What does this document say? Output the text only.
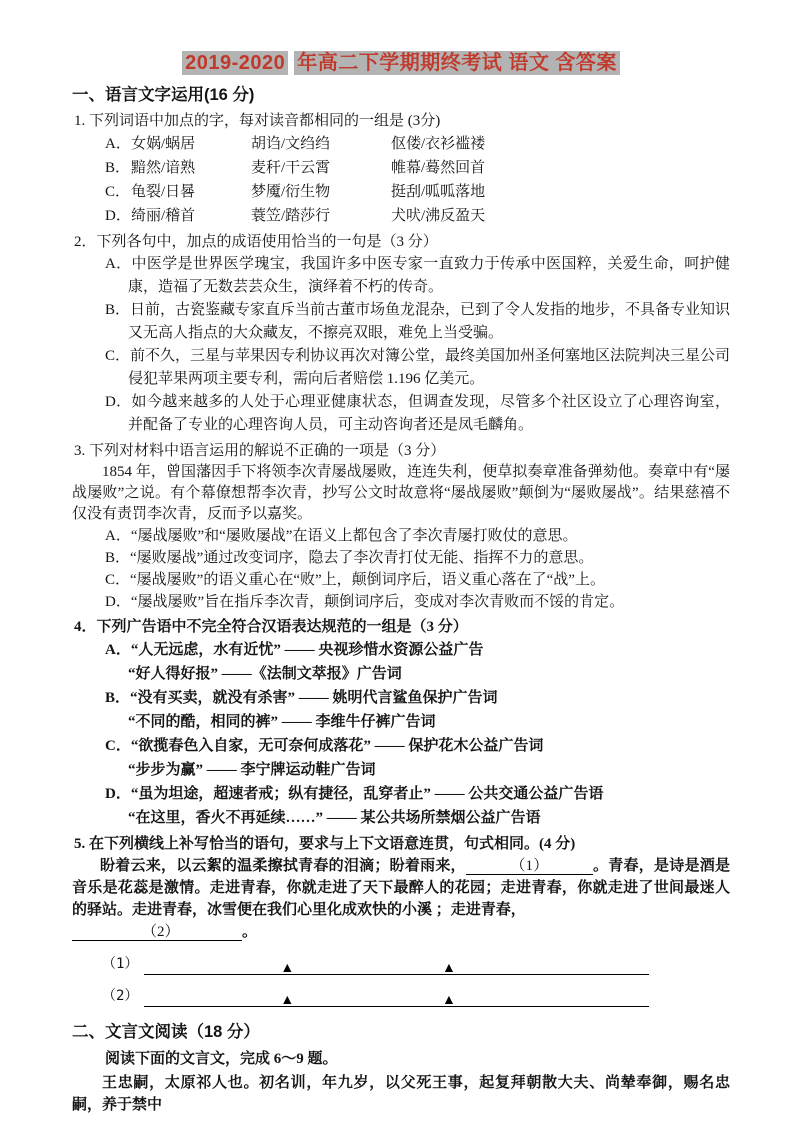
2019-2020 年高二下学期期终考试 语文 含答案
一、语言文字运用(16 分)
1. 下列词语中加点的字，每对读音都相同的一组是 (3分)
A． 女娲/蜗居	胡诌/文绉绉	伛偻/衣衫褴褛
B． 黯然/谙熟	麦秆/干云霄	帷幕/蓦然回首
C． 龟裂/日晷	梦魇/衍生物	挺刮/呱呱落地
D． 绮丽/稽首	蓑笠/踏莎行	犬吠/沸反盈天
2．下列各句中，加点的成语使用恰当的一句是（3 分）
A．中医学是世界医学瑰宝，我国许多中医专家一直致力于传承中医国粹，关爱生命，呵护健康，造福了无数芸芸众生，演绎着不朽的传奇。
B．日前，古瓷鉴藏专家直斥当前古董市场鱼龙混杂，已到了令人发指的地步，不具备专业知识又无高人指点的大众藏友，不擦亮双眼，难免上当受骗。
C．前不久，三星与苹果因专利协议再次对簿公堂，最终美国加州圣何塞地区法院判决三星公司侵犯苹果两项主要专利，需向后者赔偿 1.196 亿美元。
D．如今越来越多的人处于心理亚健康状态，但调查发现，尽管多个社区设立了心理咨询室，并配备了专业的心理咨询人员，可主动咨询者还是凤毛麟角。
3. 下列对材料中语言运用的解说不正确的一项是（3 分）

1854 年，曾国藩因手下将领李次青屡战屡败，连连失利，便草拟奏章准备弹劾他。奏章中有“屡战屡败”之说。有个幕僚想帮李次青，抄写公文时故意将“屡战屡败”颠倒为“屡败屡战”。结果慈禧不仅没有责罚李次青，反而予以嘉奖。

A．“屡战屡败”和“屡败屡战”在语义上都包含了李次青屡打败仗的意思。
B．“屡败屡战”通过改变词序，隐去了李次青打仗无能、指挥不力的意思。
C．“屡战屡败”的语义重心在“败”上，颠倒词序后，语义重心落在了“战”上。
D．“屡战屡败”旨在指斥李次青，颠倒词序后，变成对李次青败而不馁的肯定。
4．下列广告语中不完全符合汉语表达规范的一组是（3 分）
A．“人无远虑，水有近忧” —— 央视珍惜水资源公益广告
“好人得好报” ——《法制文萃报》广告词
B．“没有买卖，就没有杀害” —— 姚明代言鲨鱼保护广告词
“不同的酷，相同的裤” —— 李维牛仔裤广告词
C．“欲揽春色入自家，无可奈何成落花” —— 保护花木公益广告词
“步步为赢” —— 李宁牌运动鞋广告词
D．“虽为坦途，超速者戒；纵有捷径，乱穿者止” —— 公共交通公益广告语
“在这里，香火不再延续……” —— 某公共场所禁烟公益广告语
5. 在下列横线上补写恰当的语句，要求与上下文语意连贯，句式相同。(4 分)

盼着云来，以云絮的温柔擦拭青春的泪滴；盼着雨来，	（1）	。青春，是诗是酒是音乐是花蕊是激情。走进青春，你就走进了天下最醉人的花园；走进青春，你就走进了世间最迷人的驿站。走进青春，冰雪便在我们心里化成欢快的小溪 ；走进青春，
（2）	。

（1）	▲	▲
（2）	▲	▲
二、文言文阅读（18 分）
阅读下面的文言文，完成 6～9 题。

王忠嗣，太原祁人也。初名训，年九岁，以父死王事，起复拜朝散大夫、尚辇奉御，赐名忠嗣，养于禁中
